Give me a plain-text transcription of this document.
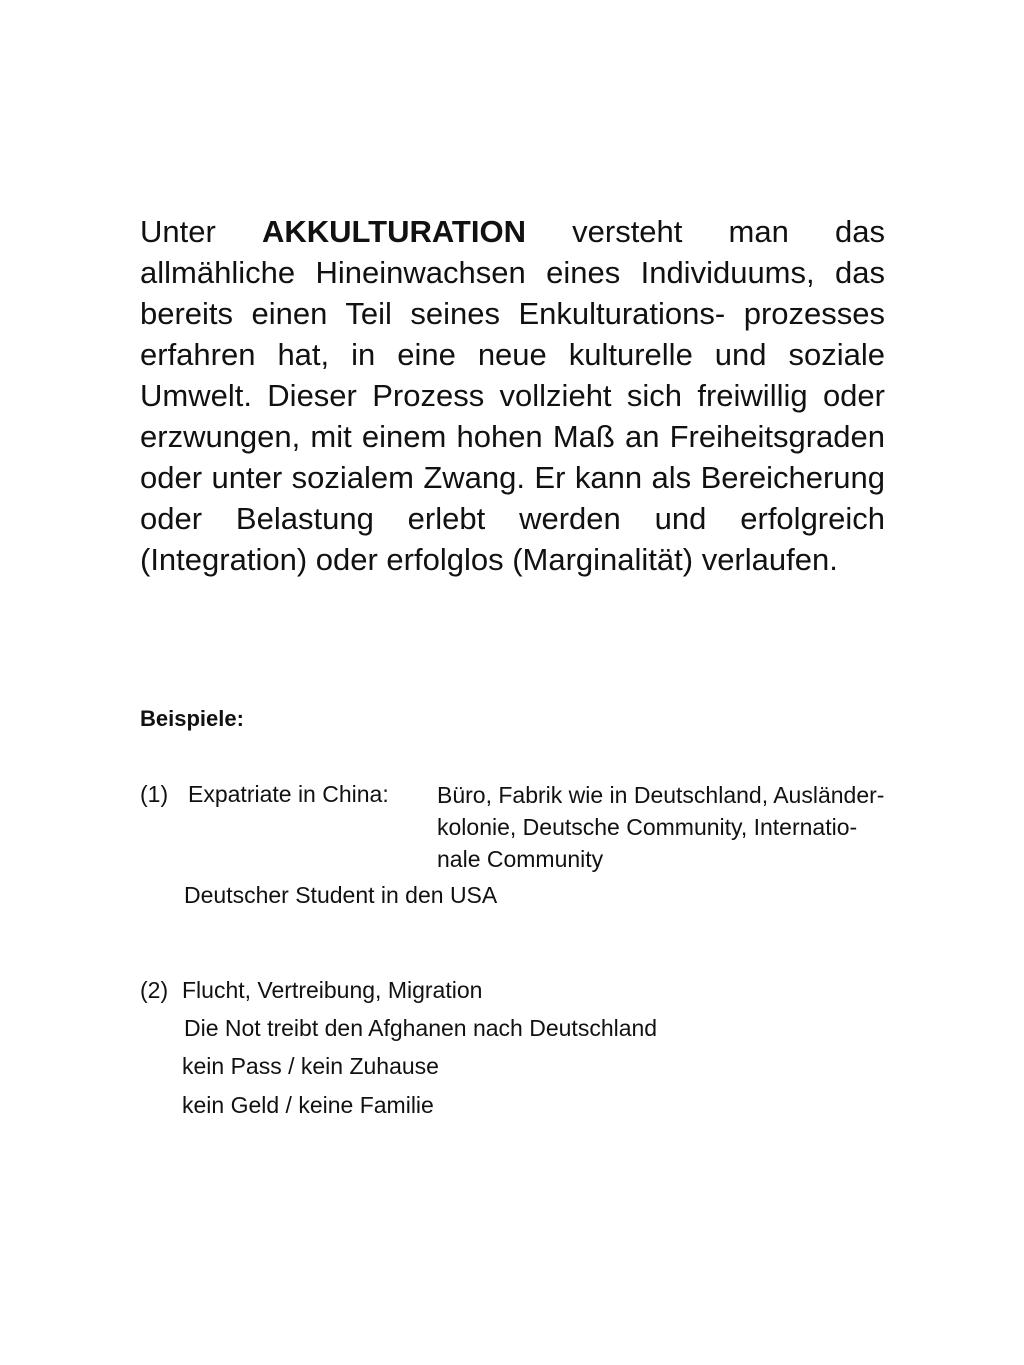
Unter AKKULTURATION versteht man das allmähliche Hineinwachsen eines Individuums, das bereits einen Teil seines Enkulturations- prozesses erfahren hat, in eine neue kulturelle und soziale Umwelt. Dieser Prozess vollzieht sich freiwillig oder erzwungen, mit einem hohen Maß an Freiheitsgraden oder unter sozialem Zwang. Er kann als Bereicherung oder Belastung erlebt werden und erfolgreich (Integration) oder erfolglos (Marginalität) verlaufen.

Beispiele:

(1) Expatriate in China: Büro, Fabrik wie in Deutschland, Ausländer-
kolonie, Deutsche Community, Internatio-
nale Community

Deutscher Student in den USA

(2) Flucht, Vertreibung, Migration

Die Not treibt den Afghanen nach Deutschland

kein Pass / kein Zuhause

kein Geld / keine Familie
